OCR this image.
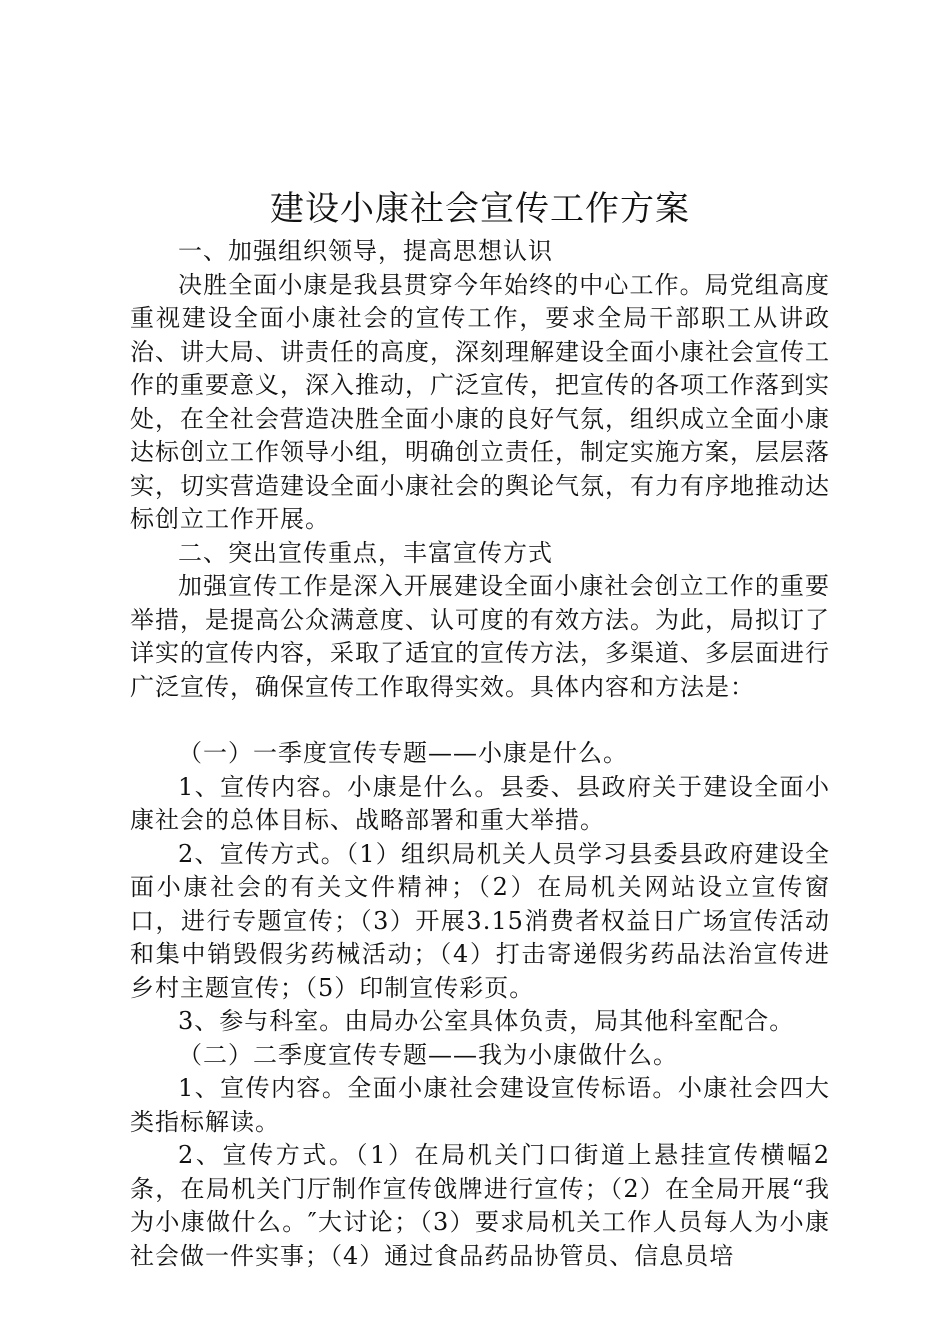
建设小康社会宣传工作方案

一、加强组织领导，提高思想认识

决胜全面小康是我县贯穿今年始终的中心工作。局党组高度重视建设全面小康社会的宣传工作，要求全局干部职工从讲政治、讲大局、讲责任的高度，深刻理解建设全面小康社会宣传工作的重要意义，深入推动，广泛宣传，把宣传的各项工作落到实处，在全社会营造决胜全面小康的良好气氛，组织成立全面小康达标创立工作领导小组，明确创立责任，制定实施方案，层层落实，切实营造建设全面小康社会的舆论气氛，有力有序地推动达标创立工作开展。

二、突出宣传重点，丰富宣传方式

加强宣传工作是深入开展建设全面小康社会创立工作的重要举措，是提高公众满意度、认可度的有效方法。为此，局拟订了详实的宣传内容，采取了适宜的宣传方法，多渠道、多层面进行广泛宣传，确保宣传工作取得实效。具体内容和方法是：

（一）一季度宣传专题——小康是什么。

1、宣传内容。小康是什么。县委、县政府关于建设全面小康社会的总体目标、战略部署和重大举措。

2、宣传方式。（1）组织局机关人员学习县委县政府建设全面小康社会的有关文件精神；（2）在局机关网站设立宣传窗口，进行专题宣传；（3）开展3.15消费者权益日广场宣传活动和集中销毁假劣药械活动；（4）打击寄递假劣药品法治宣传进乡村主题宣传；（5）印制宣传彩页。

3、参与科室。由局办公室具体负责，局其他科室配合。

（二）二季度宣传专题——我为小康做什么。

1、宣传内容。全面小康社会建设宣传标语。小康社会四大类指标解读。

2、宣传方式。（1）在局机关门口街道上悬挂宣传横幅2条，在局机关门厅制作宣传戗牌进行宣传；（2）在全局开展“我为小康做什么。″大讨论；（3）要求局机关工作人员每人为小康社会做一件实事；（4）通过食品药品协管员、信息员培
